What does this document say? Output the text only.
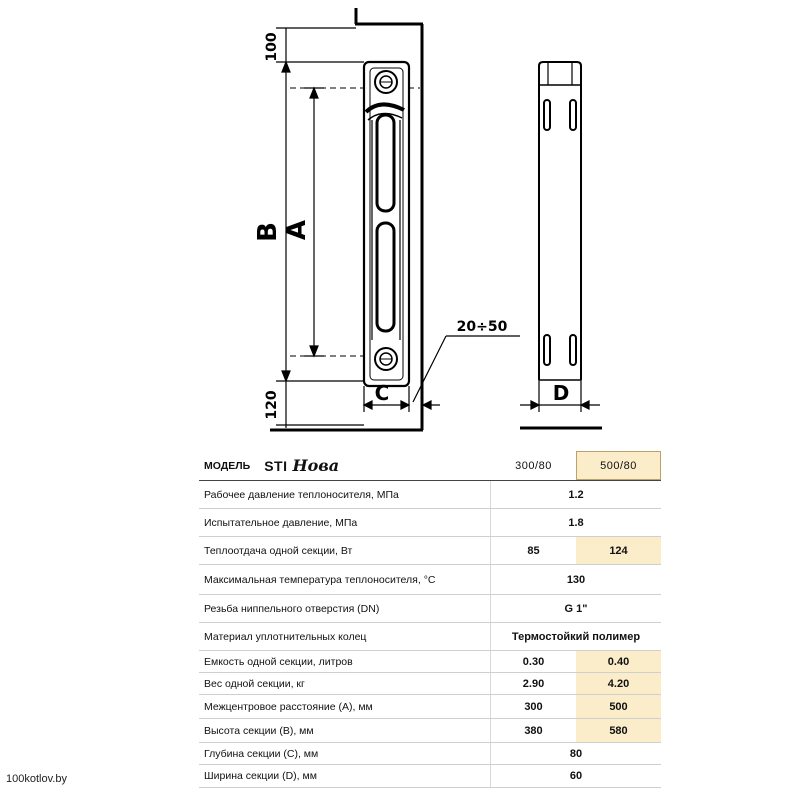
100
120
B A
C
20÷50
D
МОДЕЛЬ STI Нова	300/80	500/80
Рабочее давление теплоносителя, МПа	1.2
Испытательное давление, МПа	1.8
Теплоотдача одной секции, Вт	85	124
Максимальная температура теплоносителя, °С	130
Резьба ниппельного отверстия (DN)	G 1"
Материал уплотнительных колец	Термостойкий полимер
Емкость одной секции, литров	0.30	0.40
Вес одной секции, кг	2.90	4.20
Межцентровое расстояние (А), мм	300	500
Высота секции (В), мм	380	580
Глубина секции (С), мм	80
Ширина секции (D), мм	60
100kotlov.by
